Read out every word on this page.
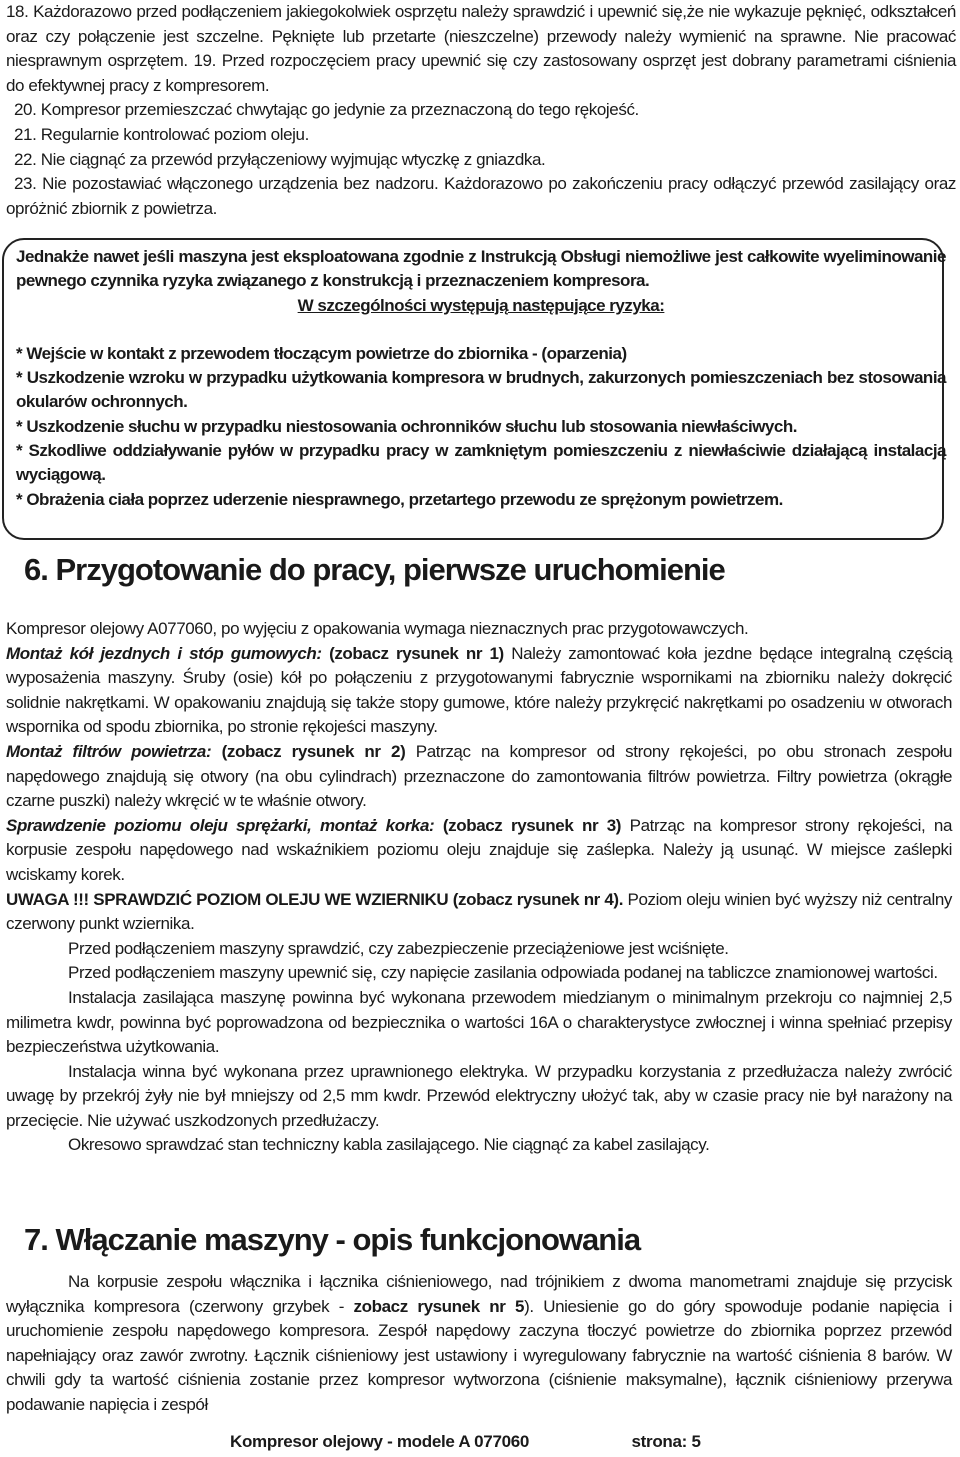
18. Każdorazowo przed podłączeniem jakiegokolwiek osprzętu należy sprawdzić i upewnić się,że nie wykazuje pęknięć, odkształceń oraz czy połączenie jest szczelne. Pęknięte lub przetarte (nieszczelne) przewody należy wymienić na sprawne. Nie pracować niesprawnym osprzętem. 19. Przed rozpoczęciem pracy upewnić się czy zastosowany osprzęt jest dobrany parametrami ciśnienia do efektywnej pracy z kompresorem.

20. Kompresor przemieszczać chwytając go jedynie za przeznaczoną do tego rękojeść.

21. Regularnie kontrolować poziom oleju.

22. Nie ciągnąć za przewód przyłączeniowy wyjmując wtyczkę z gniazdka.

23. Nie pozostawiać włączonego urządzenia bez nadzoru. Każdorazowo po zakończeniu pracy odłączyć przewód zasilający oraz opróżnić zbiornik z powietrza.

Jednakże nawet jeśli maszyna jest eksploatowana zgodnie z Instrukcją Obsługi niemożliwe jest całkowite wyeliminowanie pewnego czynnika ryzyka związanego z konstrukcją i przeznaczeniem kompresora.

W szczególności występują następujące ryzyka:

* Wejście w kontakt z przewodem tłoczącym powietrze do zbiornika - (oparzenia)

* Uszkodzenie wzroku w przypadku użytkowania kompresora w brudnych, zakurzonych pomieszczeniach bez stosowania okularów ochronnych.

* Uszkodzenie słuchu w przypadku niestosowania ochronników słuchu lub stosowania niewłaściwych.

* Szkodliwe oddziaływanie pyłów w przypadku pracy w zamkniętym pomieszczeniu z niewłaściwie działającą instalacją wyciągową.

* Obrażenia ciała poprzez uderzenie niesprawnego, przetartego przewodu ze sprężonym powietrzem.

6. Przygotowanie do pracy, pierwsze uruchomienie

Kompresor olejowy A077060, po wyjęciu z opakowania wymaga nieznacznych prac przygotowawczych.

Montaż kół jezdnych i stóp gumowych: (zobacz rysunek nr 1) Należy zamontować koła jezdne będące integralną częścią wyposażenia maszyny. Śruby (osie) kół po połączeniu z przygotowanymi fabrycznie wspornikami na zbiorniku należy dokręcić solidnie nakrętkami. W opakowaniu znajdują się także stopy gumowe, które należy przykręcić nakrętkami po osadzeniu w otworach wspornika od spodu zbiornika, po stronie rękojeści maszyny.

Montaż filtrów powietrza: (zobacz rysunek nr 2) Patrząc na kompresor od strony rękojeści, po obu stronach zespołu napędowego znajdują się otwory (na obu cylindrach) przeznaczone do zamontowania filtrów powietrza. Filtry powietrza (okrągłe czarne puszki) należy wkręcić w te właśnie otwory.

Sprawdzenie poziomu oleju sprężarki, montaż korka: (zobacz rysunek nr 3) Patrząc na kompresor strony rękojeści, na korpusie zespołu napędowego nad wskaźnikiem poziomu oleju znajduje się zaślepka. Należy ją usunąć. W miejsce zaślepki wciskamy korek.

UWAGA !!! SPRAWDZIĆ POZIOM OLEJU WE WZIERNIKU (zobacz rysunek nr 4). Poziom oleju winien być wyższy niż centralny czerwony punkt wziernika.

Przed podłączeniem maszyny sprawdzić, czy zabezpieczenie przeciążeniowe jest wciśnięte.

Przed podłączeniem maszyny upewnić się, czy napięcie zasilania odpowiada podanej na tabliczce znamionowej wartości.

Instalacja zasilająca maszynę powinna być wykonana przewodem miedzianym o minimalnym przekroju co najmniej 2,5 milimetra kwdr, powinna być poprowadzona od bezpiecznika o wartości 16A o charakterystyce zwłocznej i winna spełniać przepisy bezpieczeństwa użytkowania.

Instalacja winna być wykonana przez uprawnionego elektryka. W przypadku korzystania z przedłużacza należy zwrócić uwagę by przekrój żyły nie był mniejszy od 2,5 mm kwdr. Przewód elektryczny ułożyć tak, aby w czasie pracy nie był narażony na przecięcie. Nie używać uszkodzonych przedłużaczy.

Okresowo sprawdzać stan techniczny kabla zasilającego. Nie ciągnąć za kabel zasilający.

7. Włączanie maszyny - opis funkcjonowania

Na korpusie zespołu włącznika i łącznika ciśnieniowego, nad trójnikiem z dwoma manometrami znajduje się przycisk wyłącznika kompresora (czerwony grzybek - zobacz rysunek nr 5). Uniesienie go do góry spowoduje podanie napięcia i uruchomienie zespołu napędowego kompresora. Zespół napędowy zaczyna tłoczyć powietrze do zbiornika poprzez przewód napełniający oraz zawór zwrotny. Łącznik ciśnieniowy jest ustawiony i wyregulowany fabrycznie na wartość ciśnienia 8 barów. W chwili gdy ta wartość ciśnienia zostanie przez kompresor wytworzona (ciśnienie maksymalne), łącznik ciśnieniowy przerywa podawanie napięcia i zespół

Kompresor olejowy - modele A 077060	strona: 5
